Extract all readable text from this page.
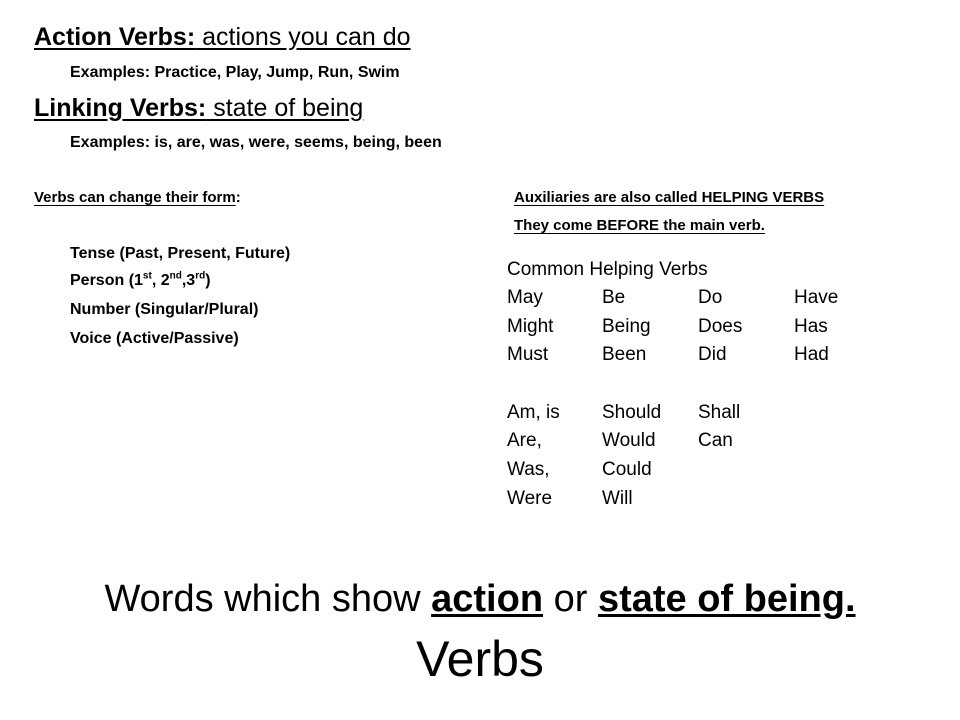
Action Verbs: actions you can do
Examples: Practice, Play, Jump, Run, Swim
Linking Verbs: state of being
Examples: is, are, was, were, seems, being, been
Verbs can change their form:
Tense (Past, Present, Future)
Person (1st, 2nd,3rd)
Number (Singular/Plural)
Voice (Active/Passive)
Auxiliaries are also called HELPING VERBS
They come BEFORE the main verb.
Common Helping Verbs
May	Be	Do	Have
Might	Being	Does	Has
Must	Been	Did	Had
Am, is	Should	Shall
Are,	Would	Can
Was,	Could
Were	Will
Words which show action or state of being.
Verbs
